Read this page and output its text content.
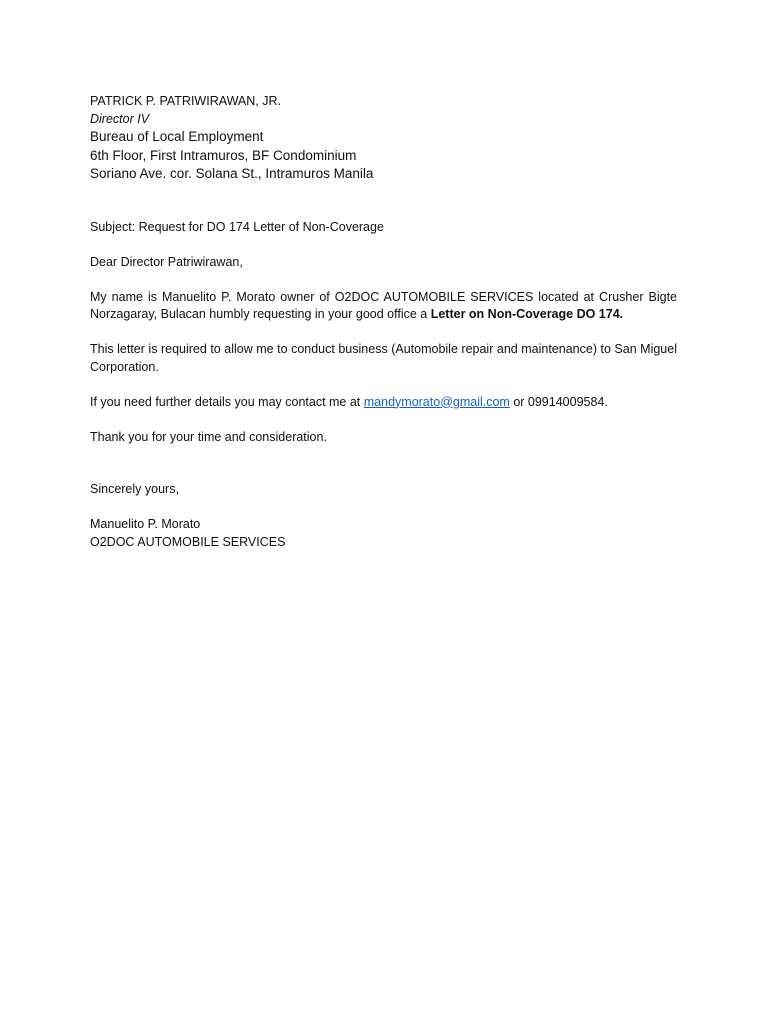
PATRICK P. PATRIWIRAWAN, JR.
Director IV
Bureau of Local Employment
6th Floor, First Intramuros, BF Condominium
Soriano Ave. cor. Solana St., Intramuros Manila
Subject: Request for DO 174 Letter of Non-Coverage
Dear Director Patriwirawan,
My name is Manuelito P. Morato owner of O2DOC AUTOMOBILE SERVICES located at Crusher Bigte Norzagaray, Bulacan humbly requesting in your good office a Letter on Non-Coverage DO 174.
This letter is required to allow me to conduct business (Automobile repair and maintenance) to San Miguel Corporation.
If you need further details you may contact me at mandymorato@gmail.com or 09914009584.
Thank you for your time and consideration.
Sincerely yours,
Manuelito P. Morato
O2DOC AUTOMOBILE SERVICES
